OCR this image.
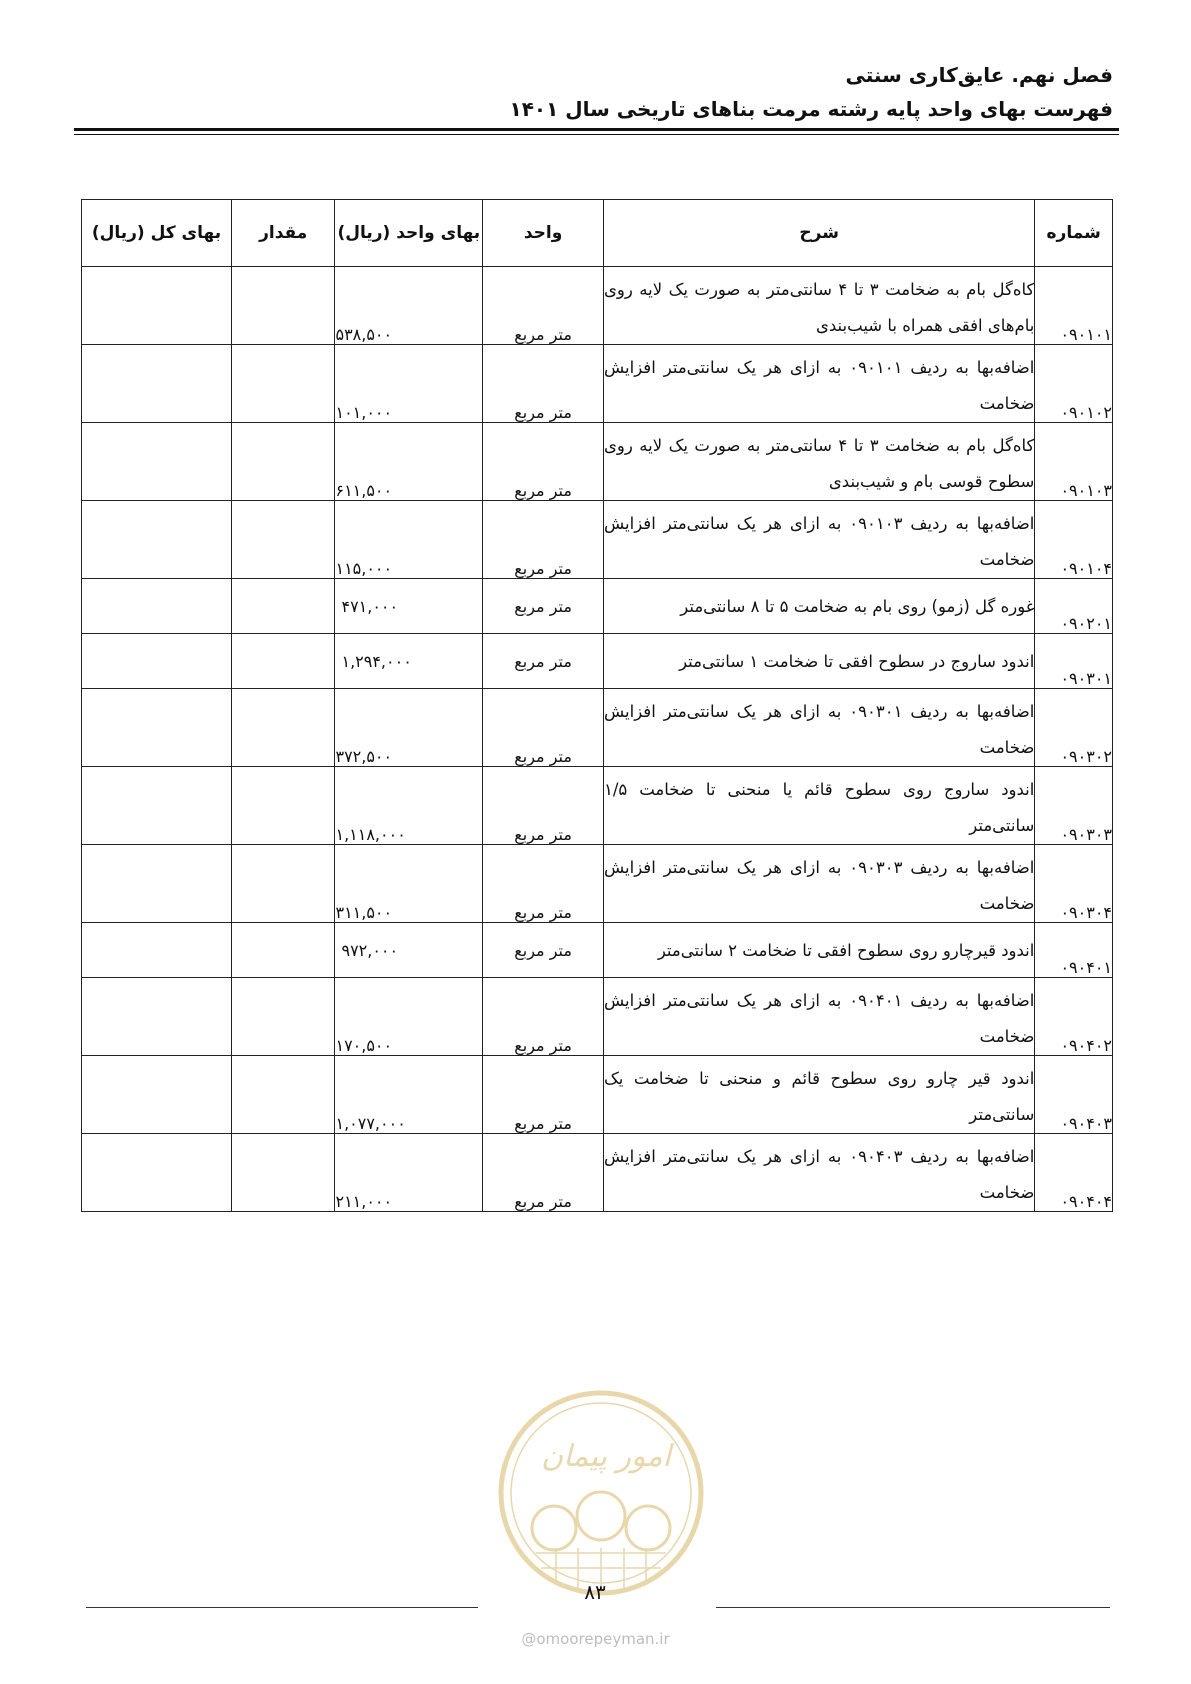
فصل نهم. عایق‌کاری سنتی
فهرست بهای واحد پایه رشته مرمت بناهای تاریخی سال ۱۴۰۱
شماره	شرح	واحد	بهای واحد (ریال)	مقدار	بهای کل (ریال)
۰۹۰۱۰۱	کاه‌گل بام به ضخامت ۳ تا ۴ سانتی‌متر به صورت یک لایه روی بام‌های افقی همراه با شیب‌بندی	متر مربع	۵۳۸,۵۰۰		
۰۹۰۱۰۲	اضافه‌بها به ردیف ۰۹۰۱۰۱ به ازای هر یک سانتی‌متر افزایش ضخامت	متر مربع	۱۰۱,۰۰۰		
۰۹۰۱۰۳	کاه‌گل بام به ضخامت ۳ تا ۴ سانتی‌متر به صورت یک لایه روی سطوح قوسی بام و شیب‌بندی	متر مربع	۶۱۱,۵۰۰		
۰۹۰۱۰۴	اضافه‌بها به ردیف ۰۹۰۱۰۳ به ازای هر یک سانتی‌متر افزایش ضخامت	متر مربع	۱۱۵,۰۰۰		
۰۹۰۲۰۱	غوره گل (زمو) روی بام به ضخامت ۵ تا ۸ سانتی‌متر	متر مربع	۴۷۱,۰۰۰		
۰۹۰۳۰۱	اندود ساروج در سطوح افقی تا ضخامت ۱ سانتی‌متر	متر مربع	۱,۲۹۴,۰۰۰		
۰۹۰۳۰۲	اضافه‌بها به ردیف ۰۹۰۳۰۱ به ازای هر یک سانتی‌متر افزایش ضخامت	متر مربع	۳۷۲,۵۰۰		
۰۹۰۳۰۳	اندود ساروج روی سطوح قائم یا منحنی تا ضخامت ۱/۵ سانتی‌متر	متر مربع	۱,۱۱۸,۰۰۰		
۰۹۰۳۰۴	اضافه‌بها به ردیف ۰۹۰۳۰۳ به ازای هر یک سانتی‌متر افزایش ضخامت	متر مربع	۳۱۱,۵۰۰		
۰۹۰۴۰۱	اندود قیرچارو روی سطوح افقی تا ضخامت ۲ سانتی‌متر	متر مربع	۹۷۲,۰۰۰		
۰۹۰۴۰۲	اضافه‌بها به ردیف ۰۹۰۴۰۱ به ازای هر یک سانتی‌متر افزایش ضخامت	متر مربع	۱۷۰,۵۰۰		
۰۹۰۴۰۳	اندود قیر چارو روی سطوح قائم و منحنی تا ضخامت یک سانتی‌متر	متر مربع	۱,۰۷۷,۰۰۰		
۰۹۰۴۰۴	اضافه‌بها به ردیف ۰۹۰۴۰۳ به ازای هر یک سانتی‌متر افزایش ضخامت	متر مربع	۲۱۱,۰۰۰		
امور پیمان
۸۳
@omoorepeyman.ir
